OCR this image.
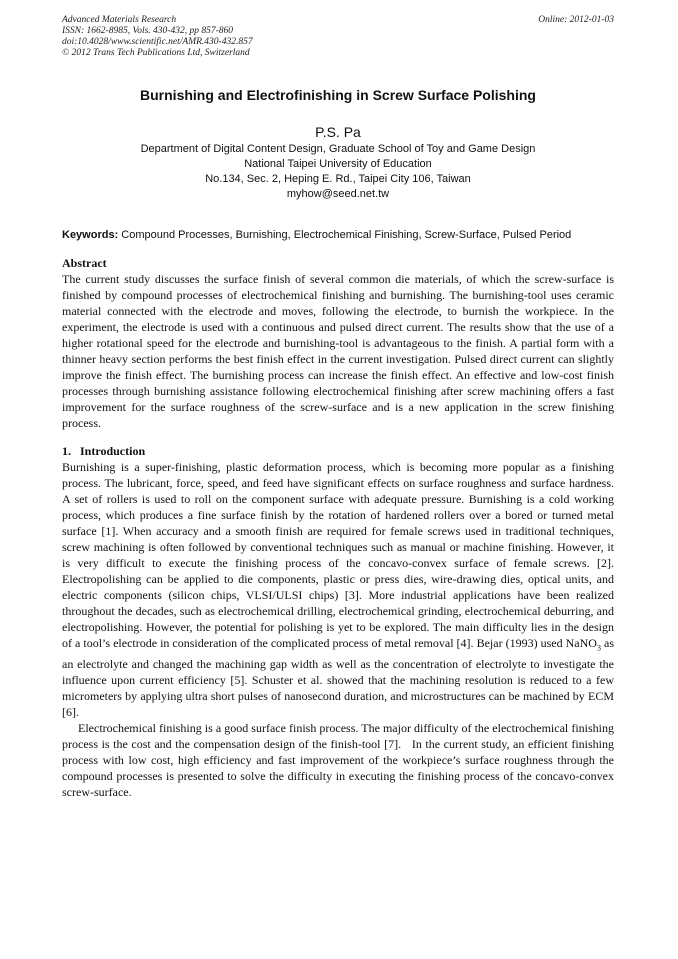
Advanced Materials Research
ISSN: 1662-8985, Vols. 430-432, pp 857-860
doi:10.4028/www.scientific.net/AMR.430-432.857
© 2012 Trans Tech Publications Ltd, Switzerland
Online: 2012-01-03
Burnishing and Electrofinishing in Screw Surface Polishing
P.S. Pa
Department of Digital Content Design, Graduate School of Toy and Game Design
National Taipei University of Education
No.134, Sec. 2, Heping E. Rd., Taipei City 106, Taiwan
myhow@seed.net.tw
Keywords: Compound Processes, Burnishing, Electrochemical Finishing, Screw-Surface, Pulsed Period
Abstract
The current study discusses the surface finish of several common die materials, of which the screw-surface is finished by compound processes of electrochemical finishing and burnishing. The burnishing-tool uses ceramic material connected with the electrode and moves, following the electrode, to burnish the workpiece. In the experiment, the electrode is used with a continuous and pulsed direct current. The results show that the use of a higher rotational speed for the electrode and burnishing-tool is advantageous to the finish. A partial form with a thinner heavy section performs the best finish effect in the current investigation. Pulsed direct current can slightly improve the finish effect. The burnishing process can increase the finish effect. An effective and low-cost finish processes through burnishing assistance following electrochemical finishing after screw machining offers a fast improvement for the surface roughness of the screw-surface and is a new application in the screw finishing process.
1.   Introduction
Burnishing is a super-finishing, plastic deformation process, which is becoming more popular as a finishing process. The lubricant, force, speed, and feed have significant effects on surface roughness and surface hardness. A set of rollers is used to roll on the component surface with adequate pressure. Burnishing is a cold working process, which produces a fine surface finish by the rotation of hardened rollers over a bored or turned metal surface [1]. When accuracy and a smooth finish are required for female screws used in traditional techniques, screw machining is often followed by conventional techniques such as manual or machine finishing. However, it is very difficult to execute the finishing process of the concavo-convex surface of female screws. [2]. Electropolishing can be applied to die components, plastic or press dies, wire-drawing dies, optical units, and electric components (silicon chips, VLSI/ULSI chips) [3]. More industrial applications have been realized throughout the decades, such as electrochemical drilling, electrochemical grinding, electrochemical deburring, and electropolishing. However, the potential for polishing is yet to be explored. The main difficulty lies in the design of a tool’s electrode in consideration of the complicated process of metal removal [4]. Bejar (1993) used NaNO$_3$ as an electrolyte and changed the machining gap width as well as the concentration of electrolyte to investigate the influence upon current efficiency [5]. Schuster et al. showed that the machining resolution is reduced to a few micrometers by applying ultra short pulses of nanosecond duration, and microstructures can be machined by ECM [6].
Electrochemical finishing is a good surface finish process. The major difficulty of the electrochemical finishing process is the cost and the compensation design of the finish-tool [7].   In the current study, an efficient finishing process with low cost, high efficiency and fast improvement of the workpiece’s surface roughness through the compound processes is presented to solve the difficulty in executing the finishing process of the concavo-convex screw-surface.
